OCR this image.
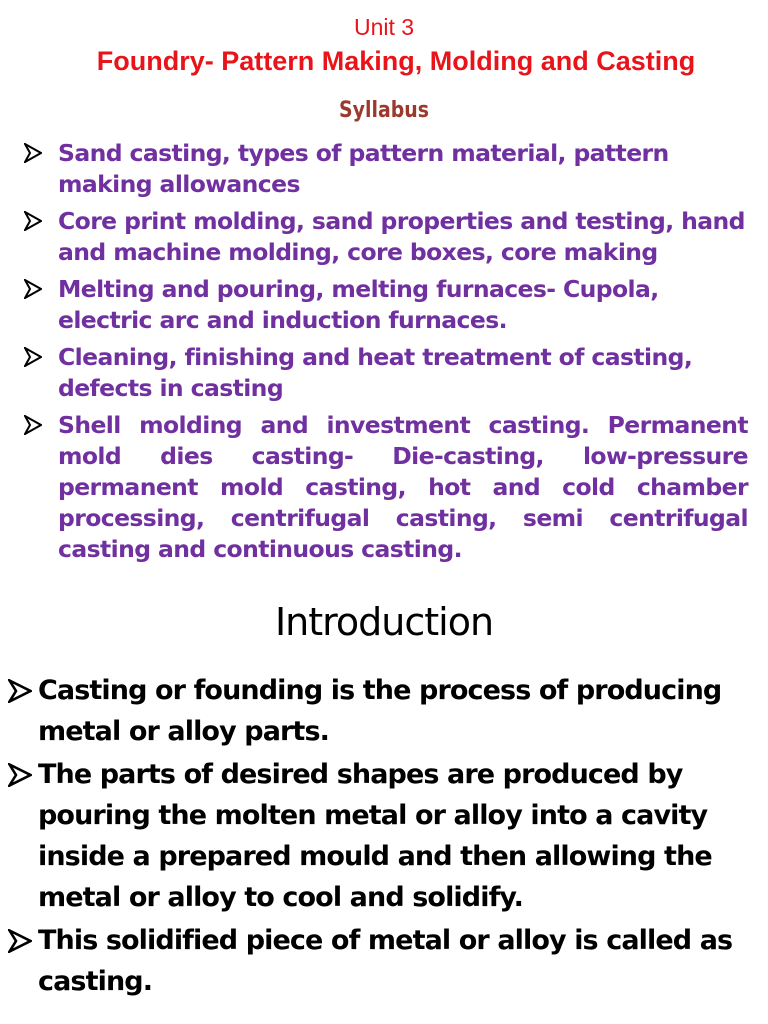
Unit 3
Foundry- Pattern Making, Molding and Casting
Syllabus
Sand casting, types of pattern material, pattern making allowances
Core print molding, sand properties and testing, hand and machine molding, core boxes, core making
Melting and pouring, melting furnaces- Cupola, electric arc and induction furnaces.
Cleaning, finishing and heat treatment of casting, defects in casting
Shell molding and investment casting. Permanent mold dies casting- Die-casting, low-pressure permanent mold casting, hot and cold chamber processing, centrifugal casting, semi centrifugal casting and continuous casting.
Introduction
Casting or founding is the process of producing metal or alloy parts.
The parts of desired shapes are produced by pouring the molten metal or alloy into a cavity inside a prepared mould and then allowing the metal or alloy to cool and solidify.
This solidified piece of metal or alloy is called as casting.
